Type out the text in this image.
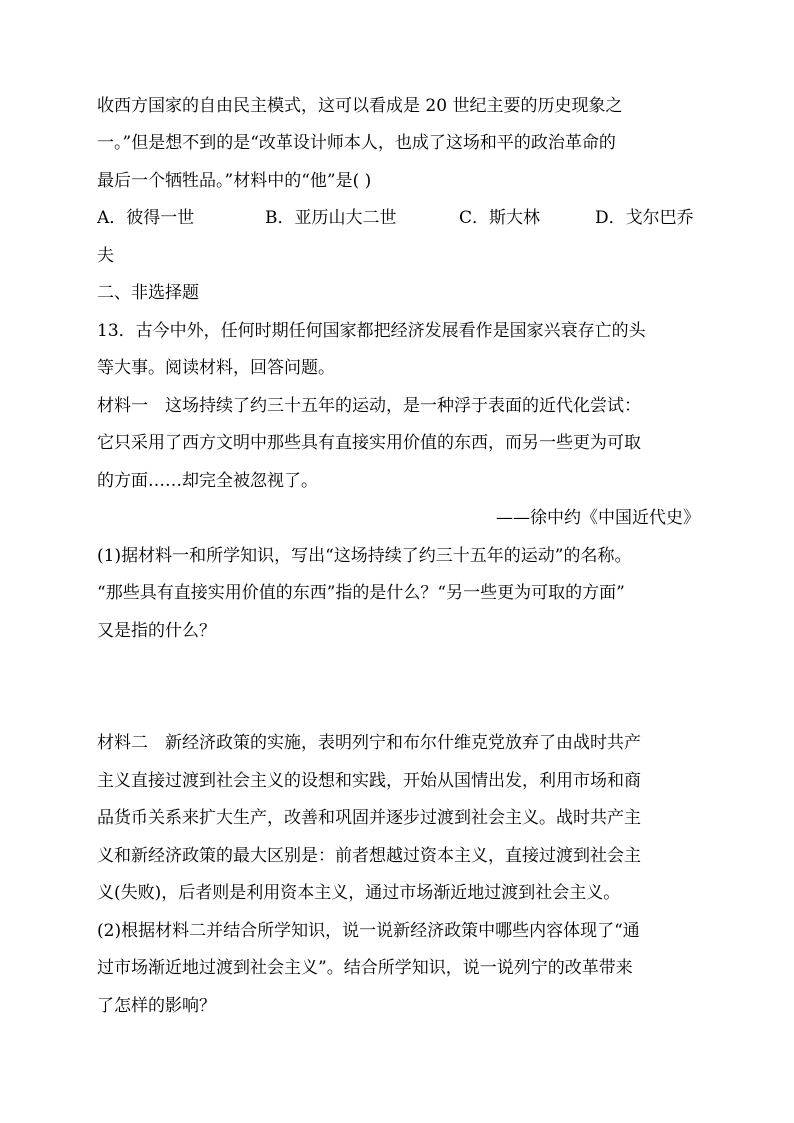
收西方国家的自由民主模式，这可以看成是 20 世纪主要的历史现象之
一。”但是想不到的是“改革设计师本人，也成了这场和平的政治革命的
最后一个牺牲品。”材料中的“他”是( )
A．彼得一世	B．亚历山大二世	C．斯大林	D．戈尔巴乔
夫
二、非选择题
13．古今中外，任何时期任何国家都把经济发展看作是国家兴衰存亡的头
等大事。阅读材料，回答问题。
材料一　这场持续了约三十五年的运动，是一种浮于表面的近代化尝试：
它只采用了西方文明中那些具有直接实用价值的东西，而另一些更为可取
的方面……却完全被忽视了。
——徐中约《中国近代史》
(1)据材料一和所学知识，写出“这场持续了约三十五年的运动”的名称。
“那些具有直接实用价值的东西”指的是什么？“另一些更为可取的方面”
又是指的什么？
材料二　新经济政策的实施，表明列宁和布尔什维克党放弃了由战时共产
主义直接过渡到社会主义的设想和实践，开始从国情出发，利用市场和商
品货币关系来扩大生产，改善和巩固并逐步过渡到社会主义。战时共产主
义和新经济政策的最大区别是：前者想越过资本主义，直接过渡到社会主
义(失败)，后者则是利用资本主义，通过市场渐近地过渡到社会主义。
(2)根据材料二并结合所学知识，说一说新经济政策中哪些内容体现了“通
过市场渐近地过渡到社会主义”。结合所学知识，说一说列宁的改革带来
了怎样的影响？
